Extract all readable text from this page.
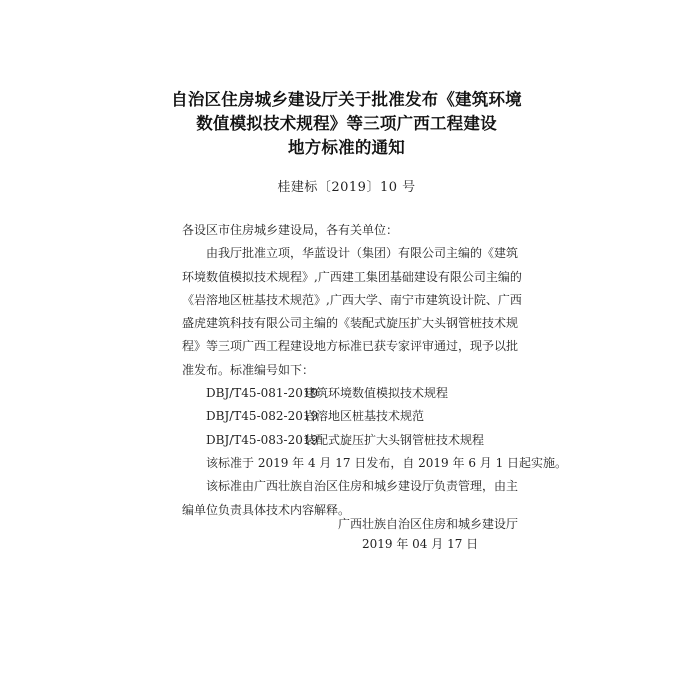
自治区住房城乡建设厅关于批准发布《建筑环境
数值模拟技术规程》等三项广西工程建设
地方标准的通知
桂建标〔2019〕10 号
各设区市住房城乡建设局，各有关单位：
由我厅批准立项，华蓝设计（集团）有限公司主编的《建筑
环境数值模拟技术规程》,广西建工集团基础建设有限公司主编的
《岩溶地区桩基技术规范》,广西大学、南宁市建筑设计院、广西
盛虎建筑科技有限公司主编的《装配式旋压扩大头钢管桩技术规
程》等三项广西工程建设地方标准已获专家评审通过，现予以批
准发布。标准编号如下：
DBJ/T45-081-2019建筑环境数值模拟技术规程
DBJ/T45-082-2019岩溶地区桩基技术规范
DBJ/T45-083-2019装配式旋压扩大头钢管桩技术规程
该标准于 2019 年 4 月 17 日发布，自 2019 年 6 月 1 日起实施。
该标准由广西壮族自治区住房和城乡建设厅负责管理，由主
编单位负责具体技术内容解释。
广西壮族自治区住房和城乡建设厅
2019 年 04 月 17 日
